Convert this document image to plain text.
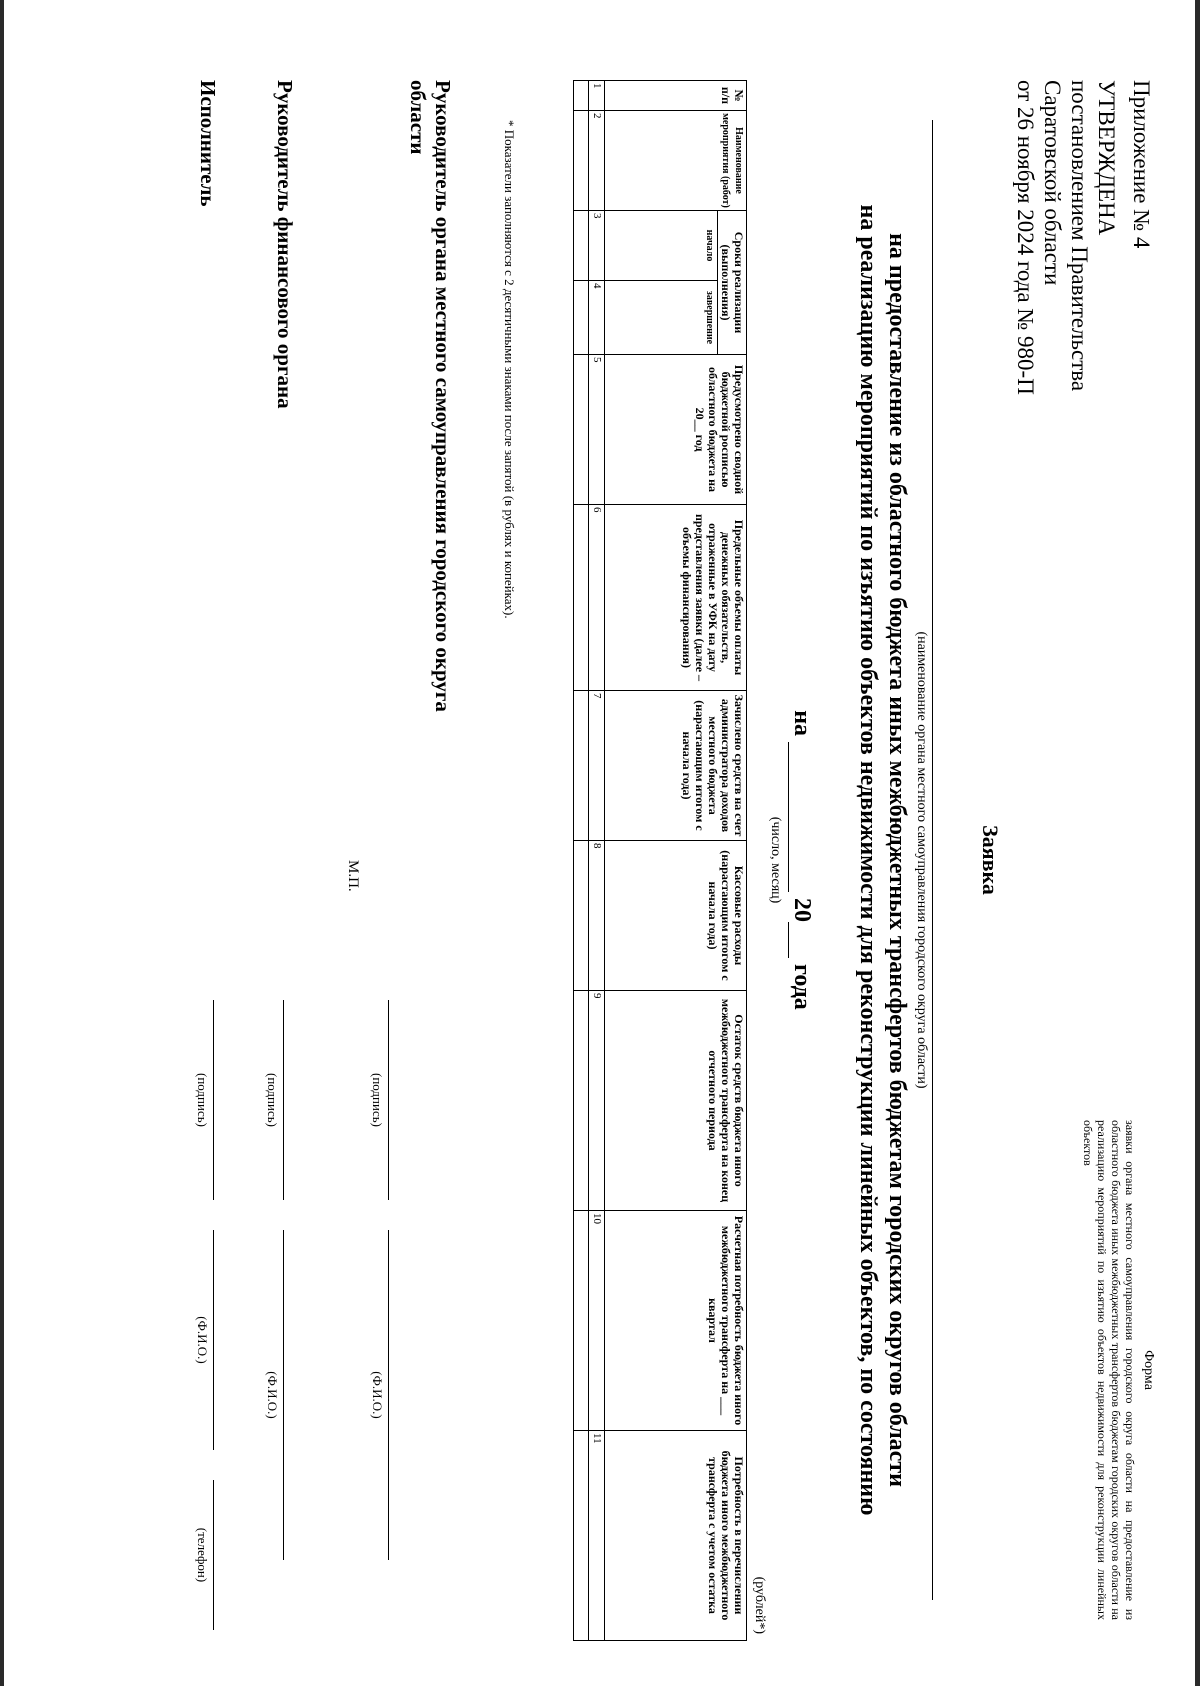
Приложение № 4
УТВЕРЖДЕНА
постановлением Правительства
Саратовской области
от 26 ноября 2024 года № 980-П
Форма
заявки органа местного самоуправления городского округа области на предоставление из областного бюджета иных межбюджетных трансфертов бюджетам городских округов области на реализацию мероприятий по изъятию объектов недвижимости для реконструкции линейных объектов
Заявка
(наименование органа местного самоуправления городского округа области)
на предоставление из областного бюджета иных межбюджетных трансфертов бюджетам городских округов области
на реализацию мероприятий по изъятию объектов недвижимости для реконструкции линейных объектов, по состоянию
на  20 года
(число, месяц)
(рублей*)
№ п/п	Наименование мероприятия (работ)	Сроки реализации (выполнения)		Предусмотрено сводной бюджетной росписью областного бюджета на 20__ год	Предельные объемы оплаты денежных обязательств, отраженные в УФК на дату представления заявки (далее – объемы финансирования)	Зачислено средств на счет администратора доходов местного бюджета (нарастающим итогом с начала года)	Кассовые расходы (нарастающим итогом с начала года)	Остаток средств бюджета иного межбюджетного трансферта на конец отчетного периода	Расчетная потребность бюджета иного межбюджетного трансферта на ___ квартал	Потребность в перечислении бюджета иного межбюджетного трансферта с учетом остатка
		начало	завершение							
1	2	3	4	5	6	7	8	9	10	11

* Показатели заполняются с 2 десятичными знаками после запятой (в рублях и копейках).
Руководитель органа местного самоуправления городского округа области
М.П.
(подпись)
(Ф.И.О.)
Руководитель финансового органа
(подпись)
(Ф.И.О.)
Исполнитель
(подпись)
(Ф.И.О.)
(телефон)
